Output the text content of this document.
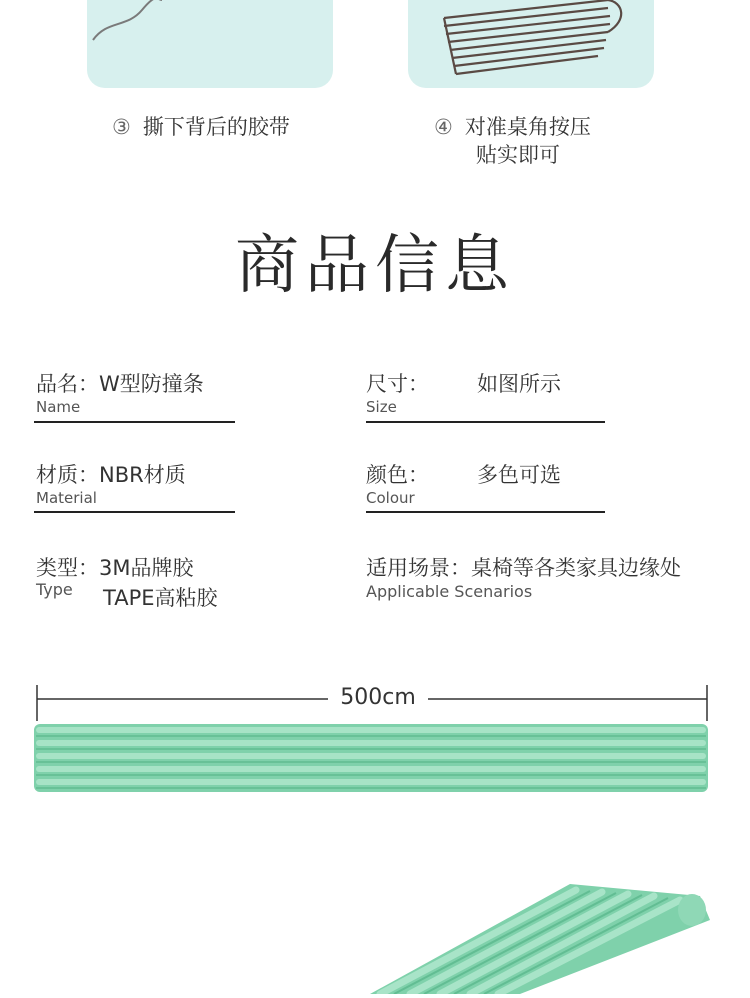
③ 撕下背后的胶带	④ 对准桌角按压
贴实即可
商品信息
品名：W型防撞条
Name
尺寸： 如图所示
Size
材质：NBR材质
Material
颜色： 多色可选
Colour
类型：3M品牌胶
Type TAPE高粘胶
适用场景：桌椅等各类家具边缘处
Applicable Scenarios
500cm
